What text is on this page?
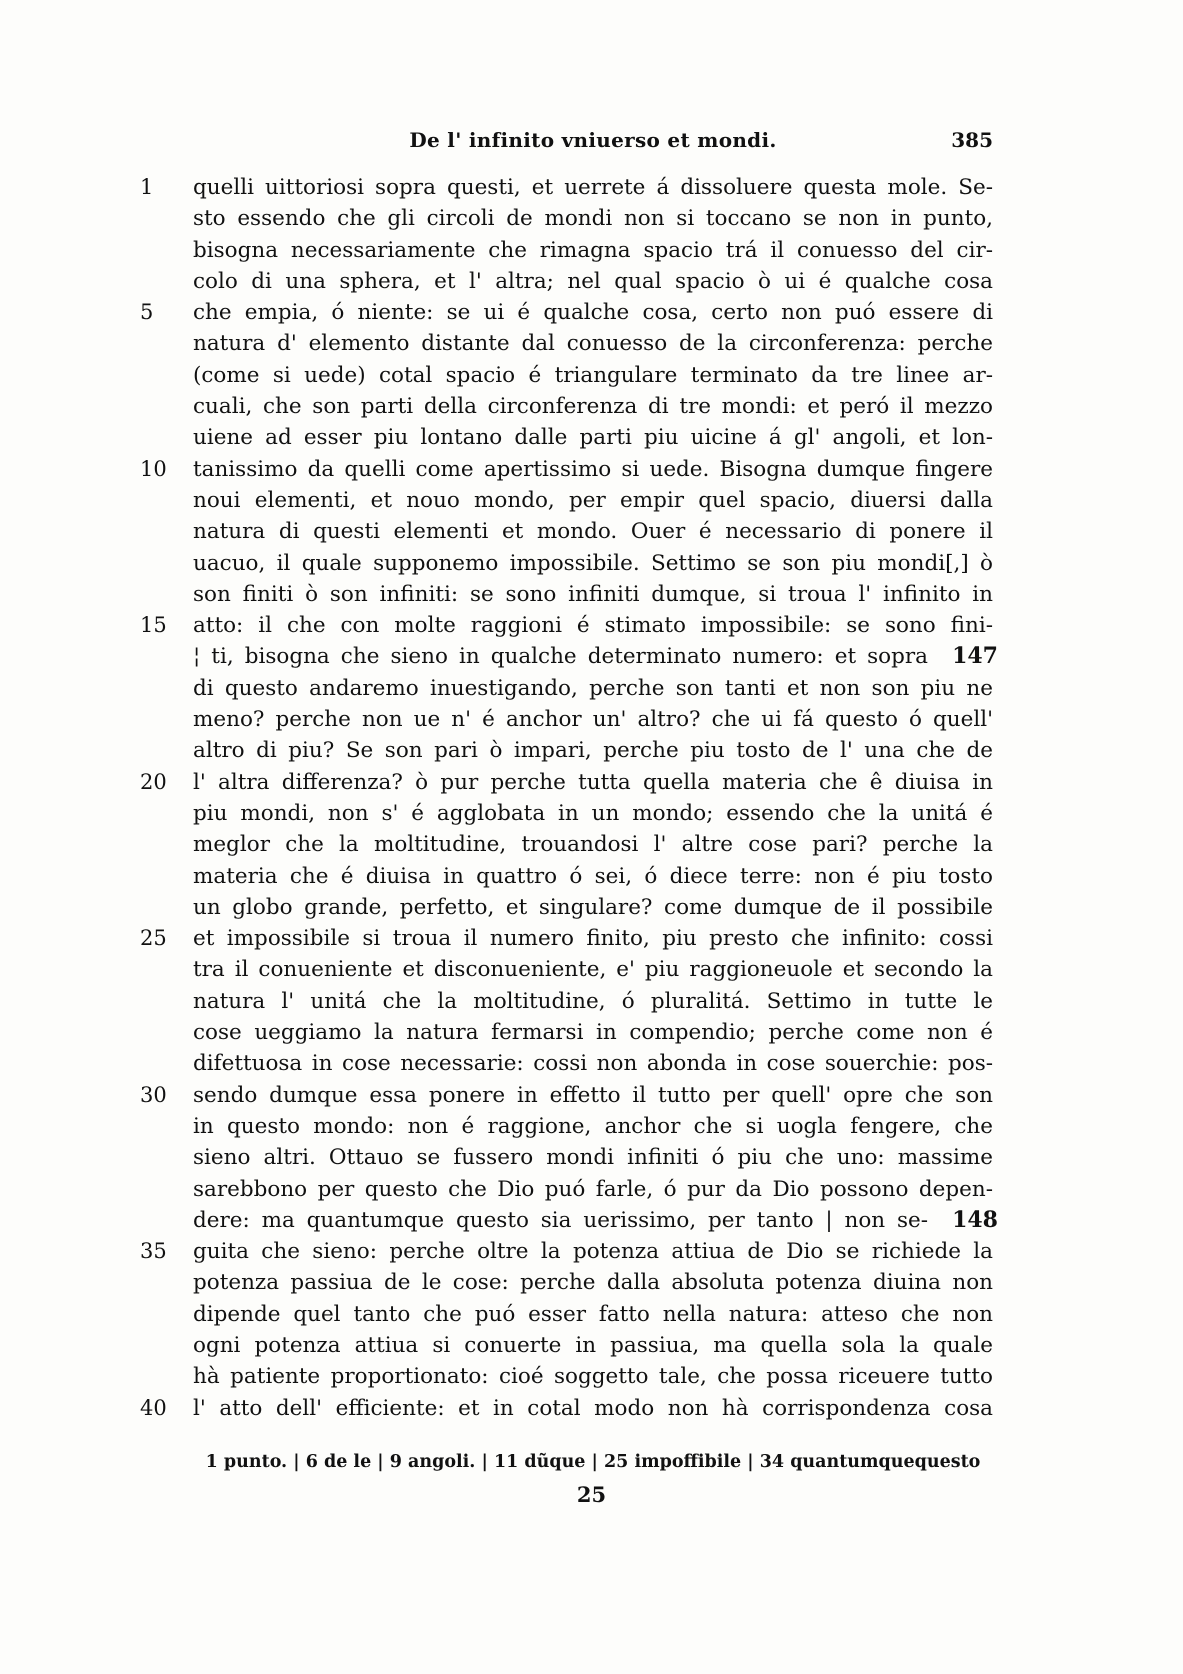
De l' infinito vniuerso et mondi.	385
1	quelli uittoriosi sopra questi, et uerrete á dissoluere questa mole. Se-
sto essendo che gli circoli de mondi non si toccano se non in punto,
bisogna necessariamente che rimagna spacio trá il conuesso del cir-
colo di una sphera, et l' altra; nel qual spacio ò ui é qualche cosa
5	che empia, ó niente: se ui é qualche cosa, certo non puó essere di
natura d' elemento distante dal conuesso de la circonferenza: perche
(come si uede) cotal spacio é triangulare terminato da tre linee ar-
cuali, che son parti della circonferenza di tre mondi: et peró il mezzo
uiene ad esser piu lontano dalle parti piu uicine á gl' angoli, et lon-
10	tanissimo da quelli come apertissimo si uede. Bisogna dumque fingere
noui elementi, et nouo mondo, per empir quel spacio, diuersi dalla
natura di questi elementi et mondo. Ouer é necessario di ponere il
uacuo, il quale supponemo impossibile. Settimo se son piu mondi[,] ò
son finiti ò son infiniti: se sono infiniti dumque, si troua l' infinito in
15	atto: il che con molte raggioni é stimato impossibile: se sono fini-
¦ ti, bisogna che sieno in qualche determinato numero: et sopra	147
di questo andaremo inuestigando, perche son tanti et non son piu ne
meno? perche non ue n' é anchor un' altro? che ui fá questo ó quell'
altro di piu? Se son pari ò impari, perche piu tosto de l' una che de
20	l' altra differenza? ò pur perche tutta quella materia che ê diuisa in
piu mondi, non s' é agglobata in un mondo; essendo che la unitá é
meglor che la moltitudine, trouandosi l' altre cose pari? perche la
materia che é diuisa in quattro ó sei, ó diece terre: non é piu tosto
un globo grande, perfetto, et singulare? come dumque de il possibile
25	et impossibile si troua il numero finito, piu presto che infinito: cossi
tra il conueniente et disconueniente, e' piu raggioneuole et secondo la
natura l' unitá che la moltitudine, ó pluralitá. Settimo in tutte le
cose ueggiamo la natura fermarsi in compendio; perche come non é
difettuosa in cose necessarie: cossi non abonda in cose souerchie: pos-
30	sendo dumque essa ponere in effetto il tutto per quell' opre che son
in questo mondo: non é raggione, anchor che si uogla fengere, che
sieno altri. Ottauo se fussero mondi infiniti ó piu che uno: massime
sarebbono per questo che Dio puó farle, ó pur da Dio possono depen-
dere: ma quantumque questo sia uerissimo, per tanto | non se-	148
35	guita che sieno: perche oltre la potenza attiua de Dio se richiede la
potenza passiua de le cose: perche dalla absoluta potenza diuina non
dipende quel tanto che puó esser fatto nella natura: atteso che non
ogni potenza attiua si conuerte in passiua, ma quella sola la quale
hà patiente proportionato: cioé soggetto tale, che possa riceuere tutto
40	l' atto dell' efficiente: et in cotal modo non hà corrispondenza cosa
1 punto. | 6 de le | 9 angoli. | 11 dũque | 25 impoffibile | 34 quantumquequesto
25
